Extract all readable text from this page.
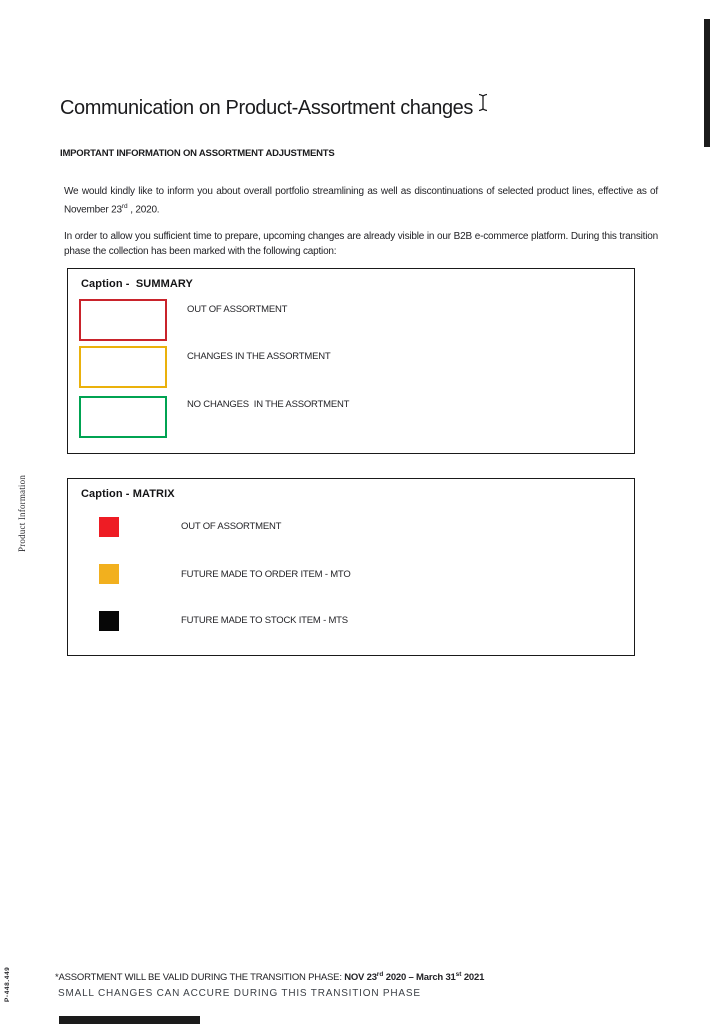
Communication on Product-Assortment changes
IMPORTANT INFORMATION ON ASSORTMENT ADJUSTMENTS

We would kindly like to inform you about overall portfolio streamlining as well as discontinuations of selected product lines, effective as of November 23rd , 2020.

In order to allow you sufficient time to prepare, upcoming changes are already visible in our B2B e-commerce platform. During this transition phase the collection has been marked with the following caption:

Caption -  SUMMARY
OUT OF ASSORTMENT
CHANGES IN THE ASSORTMENT
NO CHANGES  IN THE ASSORTMENT
Caption - MATRIX
OUT OF ASSORTMENT
FUTURE MADE TO ORDER ITEM - MTO
FUTURE MADE TO STOCK ITEM - MTS
Product Information
P-448.449	*ASSORTMENT WILL BE VALID DURING THE TRANSITION PHASE: NOV 23rd 2020 – March 31st 2021
SMALL CHANGES CAN ACCURE DURING THIS TRANSITION PHASE
